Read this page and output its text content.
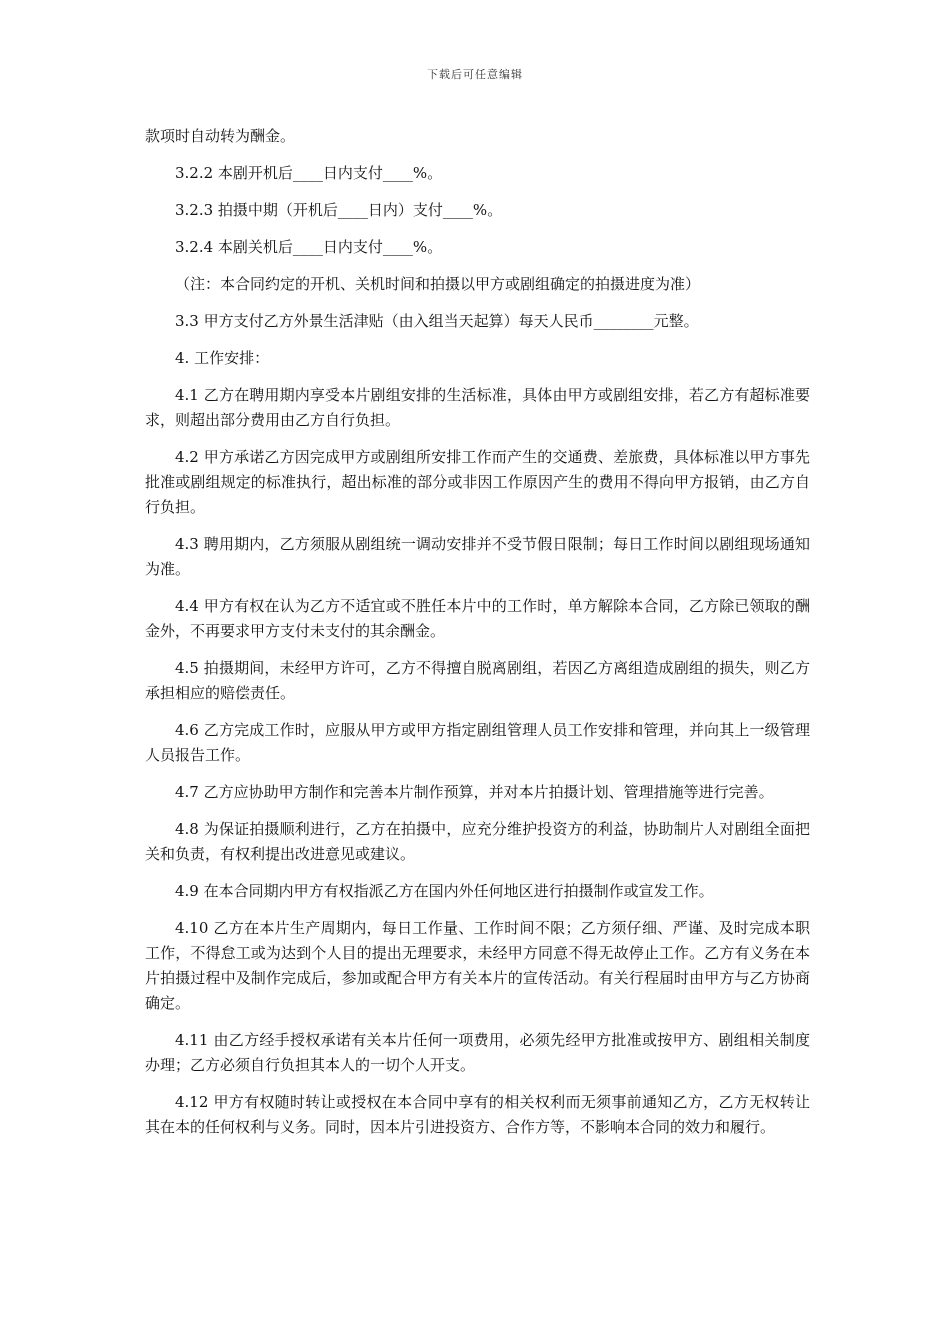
下载后可任意编辑

款项时自动转为酬金。

3.2.2 本剧开机后____日内支付____%。

3.2.3 拍摄中期（开机后____日内）支付____%。

3.2.4 本剧关机后____日内支付____%。

（注：本合同约定的开机、关机时间和拍摄以甲方或剧组确定的拍摄进度为准）

3.3 甲方支付乙方外景生活津贴（由入组当天起算）每天人民币________元整。

4. 工作安排：

4.1 乙方在聘用期内享受本片剧组安排的生活标准，具体由甲方或剧组安排，若乙方有超标准要求，则超出部分费用由乙方自行负担。

4.2 甲方承诺乙方因完成甲方或剧组所安排工作而产生的交通费、差旅费，具体标准以甲方事先批准或剧组规定的标准执行，超出标准的部分或非因工作原因产生的费用不得向甲方报销，由乙方自行负担。

4.3 聘用期内，乙方须服从剧组统一调动安排并不受节假日限制；每日工作时间以剧组现场通知为准。

4.4 甲方有权在认为乙方不适宜或不胜任本片中的工作时，单方解除本合同，乙方除已领取的酬金外，不再要求甲方支付未支付的其余酬金。

4.5 拍摄期间，未经甲方许可，乙方不得擅自脱离剧组，若因乙方离组造成剧组的损失，则乙方承担相应的赔偿责任。

4.6 乙方完成工作时，应服从甲方或甲方指定剧组管理人员工作安排和管理，并向其上一级管理人员报告工作。

4.7 乙方应协助甲方制作和完善本片制作预算，并对本片拍摄计划、管理措施等进行完善。

4.8 为保证拍摄顺利进行，乙方在拍摄中，应充分维护投资方的利益，协助制片人对剧组全面把关和负责，有权利提出改进意见或建议。

4.9 在本合同期内甲方有权指派乙方在国内外任何地区进行拍摄制作或宣发工作。

4.10 乙方在本片生产周期内，每日工作量、工作时间不限；乙方须仔细、严谨、及时完成本职工作，不得怠工或为达到个人目的提出无理要求，未经甲方同意不得无故停止工作。乙方有义务在本片拍摄过程中及制作完成后，参加或配合甲方有关本片的宣传活动。有关行程届时由甲方与乙方协商确定。

4.11 由乙方经手授权承诺有关本片任何一项费用，必须先经甲方批准或按甲方、剧组相关制度办理；乙方必须自行负担其本人的一切个人开支。

4.12 甲方有权随时转让或授权在本合同中享有的相关权利而无须事前通知乙方，乙方无权转让其在本的任何权利与义务。同时，因本片引进投资方、合作方等，不影响本合同的效力和履行。
